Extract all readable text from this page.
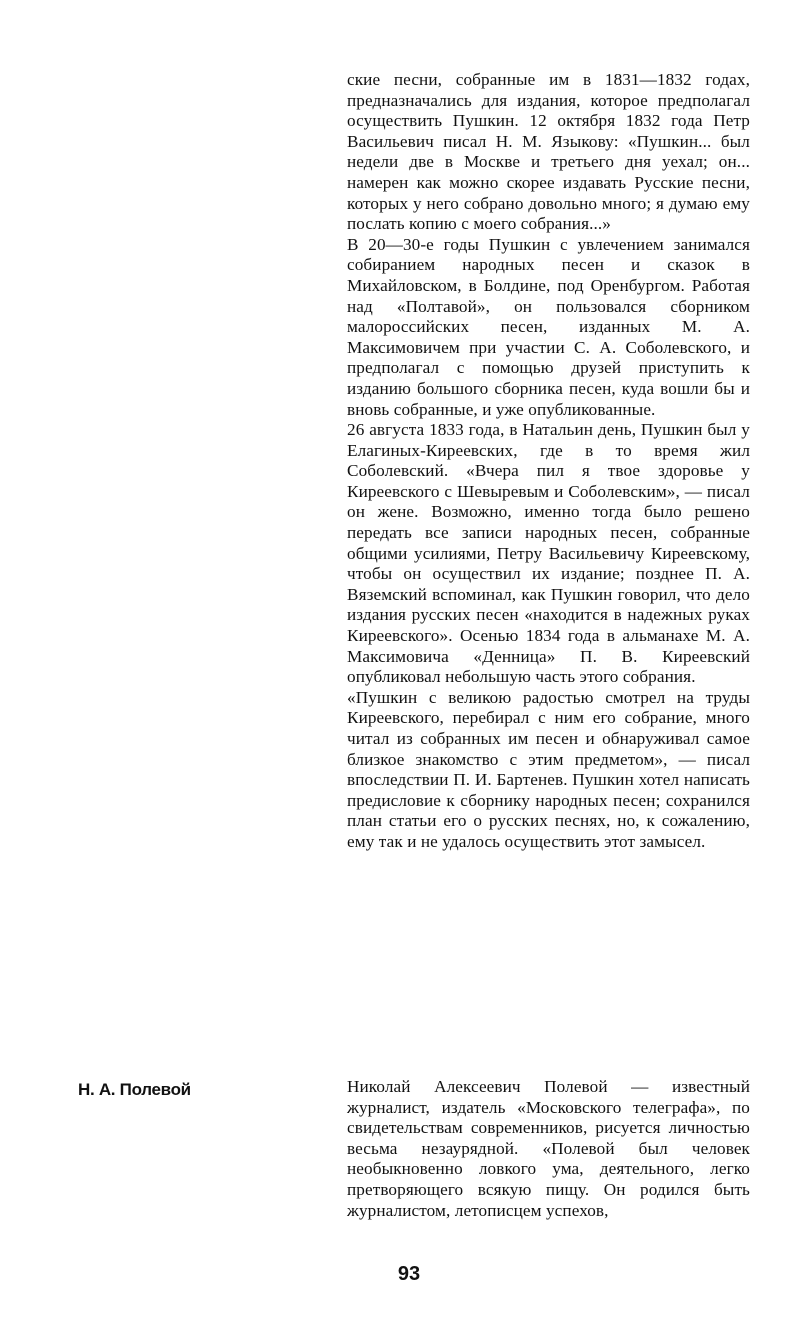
ские песни, собранные им в 1831—1832 годах, предназначались для издания, которое предполагал осуществить Пушкин. 12 октября 1832 года Петр Васильевич писал Н. М. Языкову: «Пушкин... был недели две в Москве и третьего дня уехал; он... намерен как можно скорее издавать Русские песни, которых у него собрано довольно много; я думаю ему послать копию с моего собрания...»

В 20—30-е годы Пушкин с увлечением занимался собиранием народных песен и сказок в Михайловском, в Болдине, под Оренбургом. Работая над «Полтавой», он пользовался сборником малороссийских песен, изданных М. А. Максимовичем при участии С. А. Соболевского, и предполагал с помощью друзей приступить к изданию большого сборника песен, куда вошли бы и вновь собранные, и уже опубликованные.

26 августа 1833 года, в Натальин день, Пушкин был у Елагиных-Киреевских, где в то время жил Соболевский. «Вчера пил я твое здоровье у Киреевского с Шевыревым и Соболевским», — писал он жене. Возможно, именно тогда было решено передать все записи народных песен, собранные общими усилиями, Петру Васильевичу Киреевскому, чтобы он осуществил их издание; позднее П. А. Вяземский вспоминал, как Пушкин говорил, что дело издания русских песен «находится в надежных руках Киреевского». Осенью 1834 года в альманахе М. А. Максимовича «Денница» П. В. Киреевский опубликовал небольшую часть этого собрания.

«Пушкин с великою радостью смотрел на труды Киреевского, перебирал с ним его собрание, много читал из собранных им песен и обнаруживал самое близкое знакомство с этим предметом», — писал впоследствии П. И. Бартенев. Пушкин хотел написать предисловие к сборнику народных песен; сохранился план статьи его о русских песнях, но, к сожалению, ему так и не удалось осуществить этот замысел.

Н. А. Полевой	Николай Алексеевич Полевой — известный журналист, издатель «Московского телеграфа», по свидетельствам современников, рисуется личностью весьма незаурядной. «Полевой был человек необыкновенно ловкого ума, деятельного, легко претворяющего всякую пищу. Он родился быть журналистом, летописцем успехов,

93
